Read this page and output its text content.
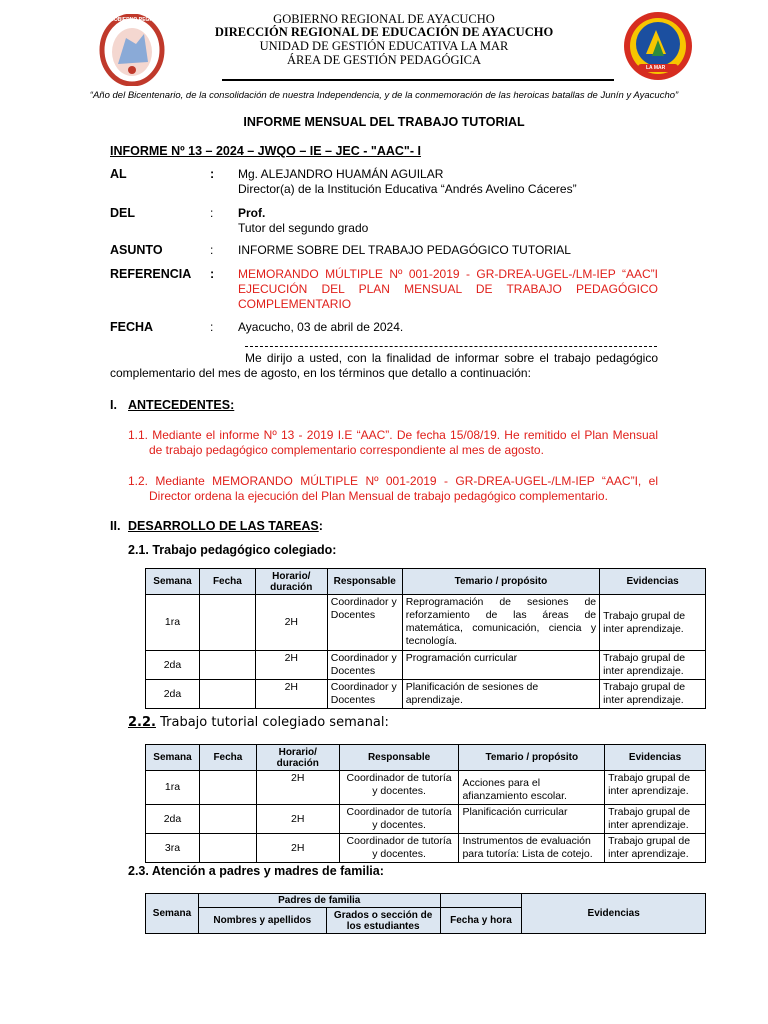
GOBIERNO REGIONAL
LA MAR
GOBIERNO REGIONAL DE AYACUCHO
DIRECCIÓN REGIONAL DE EDUCACIÓN DE AYACUCHO
UNIDAD DE GESTIÓN EDUCATIVA LA MAR
ÁREA DE GESTIÓN PEDAGÓGICA
“Año del Bicentenario, de la consolidación de nuestra Independencia, y de la conmemoración de las heroicas batallas de Junín y Ayacucho”
INFORME MENSUAL DEL TRABAJO TUTORIAL
INFORME Nº 13 – 2024 – JWQO – IE – JEC - "AAC"- I
AL	: Mg. ALEJANDRO HUAMÁN AGUILAR
Director(a) de la Institución Educativa “Andrés Avelino Cáceres”
DEL	: Prof.
Tutor del segundo grado
ASUNTO	: INFORME SOBRE DEL TRABAJO PEDAGÓGICO TUTORIAL
REFERENCIA : MEMORANDO MÚLTIPLE Nº 001-2019 - GR-DREA-UGEL-/LM-IEP “AAC”I EJECUCIÓN DEL PLAN MENSUAL DE TRABAJO PEDAGÓGICO COMPLEMENTARIO
FECHA	: Ayacucho, 03 de abril de 2024.
Me dirijo a usted, con la finalidad de informar sobre el trabajo pedagógico complementario del mes de agosto, en los términos que detallo a continuación:
I. ANTECEDENTES:
1.1. Mediante el informe Nº 13 - 2019 I.E “AAC”. De fecha 15/08/19. He remitido el Plan Mensual de trabajo pedagógico complementario correspondiente al mes de agosto.
1.2. Mediante MEMORANDO MÚLTIPLE Nº 001-2019 - GR-DREA-UGEL-/LM-IEP “AAC”I, el Director ordena la ejecución del Plan Mensual de trabajo pedagógico complementario.
II. DESARROLLO DE LAS TAREAS:
2.1. Trabajo pedagógico colegiado:
Semana	Fecha	Horario/ duración	Responsable	Temario / propósito	Evidencias
1ra		2H	Coordinador y Docentes	Reprogramación de sesiones de reforzamiento de las áreas de matemática, comunicación, ciencia y tecnología.	Trabajo grupal de inter aprendizaje.
2da		2H	Coordinador y Docentes	Programación curricular	Trabajo grupal de inter aprendizaje.
2da		2H	Coordinador y Docentes	Planificación de sesiones de aprendizaje.	Trabajo grupal de inter aprendizaje.
2.2. Trabajo tutorial colegiado semanal:
Semana	Fecha	Horario/ duración	Responsable	Temario / propósito	Evidencias
1ra		2H	Coordinador de tutoría y docentes.	Acciones para el afianzamiento escolar.	Trabajo grupal de inter aprendizaje.
2da		2H	Coordinador de tutoría y docentes.	Planificación curricular	Trabajo grupal de inter aprendizaje.
3ra		2H	Coordinador de tutoría y docentes.	Instrumentos de evaluación para tutoría: Lista de cotejo.	Trabajo grupal de inter aprendizaje.
2.3. Atención a padres y madres de familia:
Semana	Padres de familia			Evidencias
	Nombres y apellidos	Grados o sección de los estudiantes	Fecha y hora	
